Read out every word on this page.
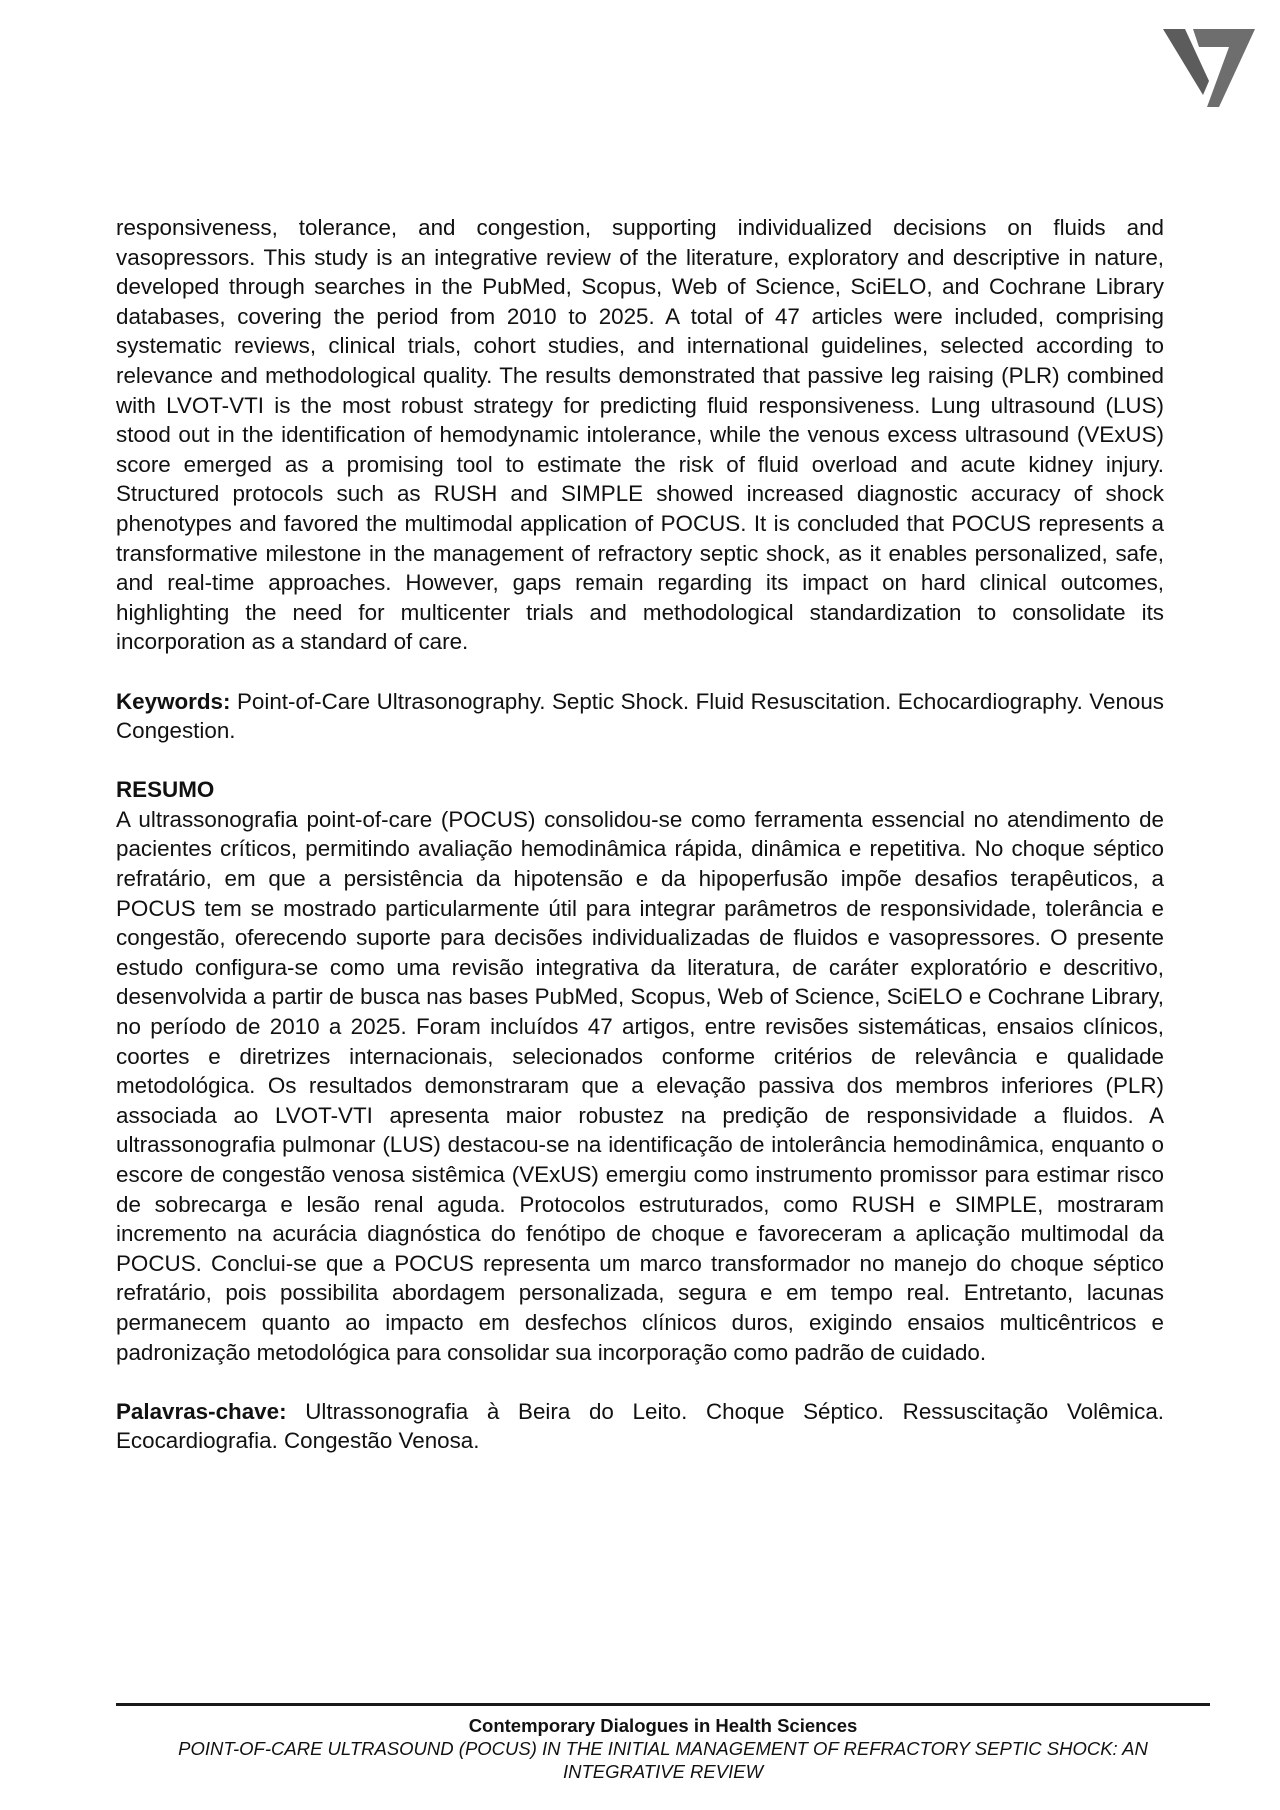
responsiveness, tolerance, and congestion, supporting individualized decisions on fluids and vasopressors. This study is an integrative review of the literature, exploratory and descriptive in nature, developed through searches in the PubMed, Scopus, Web of Science, SciELO, and Cochrane Library databases, covering the period from 2010 to 2025. A total of 47 articles were included, comprising systematic reviews, clinical trials, cohort studies, and international guidelines, selected according to relevance and methodological quality. The results demonstrated that passive leg raising (PLR) combined with LVOT-VTI is the most robust strategy for predicting fluid responsiveness. Lung ultrasound (LUS) stood out in the identification of hemodynamic intolerance, while the venous excess ultrasound (VExUS) score emerged as a promising tool to estimate the risk of fluid overload and acute kidney injury. Structured protocols such as RUSH and SIMPLE showed increased diagnostic accuracy of shock phenotypes and favored the multimodal application of POCUS. It is concluded that POCUS represents a transformative milestone in the management of refractory septic shock, as it enables personalized, safe, and real-time approaches. However, gaps remain regarding its impact on hard clinical outcomes, highlighting the need for multicenter trials and methodological standardization to consolidate its incorporation as a standard of care.

Keywords: Point-of-Care Ultrasonography. Septic Shock. Fluid Resuscitation. Echocardiography. Venous Congestion.

RESUMO

A ultrassonografia point-of-care (POCUS) consolidou-se como ferramenta essencial no atendimento de pacientes críticos, permitindo avaliação hemodinâmica rápida, dinâmica e repetitiva. No choque séptico refratário, em que a persistência da hipotensão e da hipoperfusão impõe desafios terapêuticos, a POCUS tem se mostrado particularmente útil para integrar parâmetros de responsividade, tolerância e congestão, oferecendo suporte para decisões individualizadas de fluidos e vasopressores. O presente estudo configura-se como uma revisão integrativa da literatura, de caráter exploratório e descritivo, desenvolvida a partir de busca nas bases PubMed, Scopus, Web of Science, SciELO e Cochrane Library, no período de 2010 a 2025. Foram incluídos 47 artigos, entre revisões sistemáticas, ensaios clínicos, coortes e diretrizes internacionais, selecionados conforme critérios de relevância e qualidade metodológica. Os resultados demonstraram que a elevação passiva dos membros inferiores (PLR) associada ao LVOT-VTI apresenta maior robustez na predição de responsividade a fluidos. A ultrassonografia pulmonar (LUS) destacou-se na identificação de intolerância hemodinâmica, enquanto o escore de congestão venosa sistêmica (VExUS) emergiu como instrumento promissor para estimar risco de sobrecarga e lesão renal aguda. Protocolos estruturados, como RUSH e SIMPLE, mostraram incremento na acurácia diagnóstica do fenótipo de choque e favoreceram a aplicação multimodal da POCUS. Conclui-se que a POCUS representa um marco transformador no manejo do choque séptico refratário, pois possibilita abordagem personalizada, segura e em tempo real. Entretanto, lacunas permanecem quanto ao impacto em desfechos clínicos duros, exigindo ensaios multicêntricos e padronização metodológica para consolidar sua incorporação como padrão de cuidado.

Palavras-chave: Ultrassonografia à Beira do Leito. Choque Séptico. Ressuscitação Volêmica. Ecocardiografia. Congestão Venosa.

Contemporary Dialogues in Health Sciences
POINT-OF-CARE ULTRASOUND (POCUS) IN THE INITIAL MANAGEMENT OF REFRACTORY SEPTIC SHOCK: AN INTEGRATIVE REVIEW
